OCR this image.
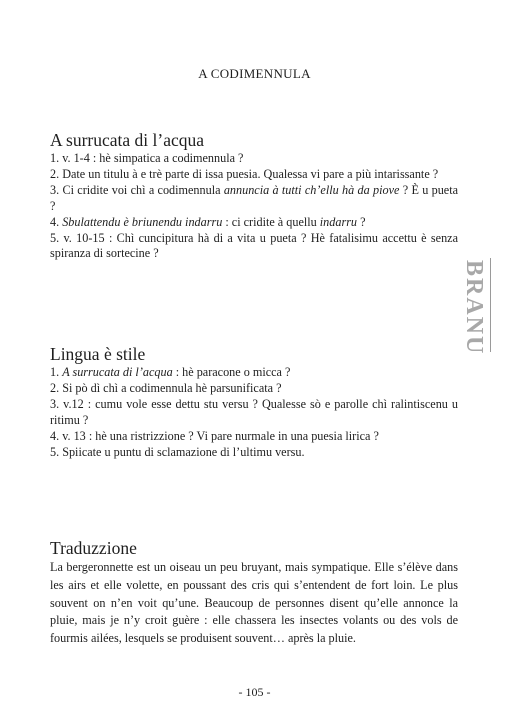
A CODIMENNULA
A surrucata di l’acqua

1. v. 1-4 : hè simpatica a codimennula ?

2. Date un titulu à e trè parte di issa puesia. Qualessa vi pare a più intarissante ?

3. Ci cridite voi chì a codimennula annuncia à tutti ch’ellu hà da piove ? È u pueta ?

4. Sbulattendu è briunendu indarru : ci cridite à quellu indarru ?

5. v. 10-15 : Chì cuncipitura hà di a vita u pueta ? Hè fatalisimu accettu è senza spiranza di sortecine ?

BRANU
Lingua è stile

1. A surrucata di l’acqua : hè paracone o micca ?

2. Si pò dì chì a codimennula hè parsunificata ?

3. v.12 : cumu vole esse dettu stu versu ? Qualesse sò e parolle chì ralintiscenu u ritimu ?

4. v. 13 : hè una ristrizzione ? Vi pare nurmale in una puesia lirica ?

5. Spiicate u puntu di sclamazione di l’ultimu versu.

Traduzzione

La bergeronnette est un oiseau un peu bruyant, mais sympatique. Elle s’élève dans les airs et elle volette, en poussant des cris qui s’entendent de fort loin. Le plus souvent on n’en voit qu’une. Beaucoup de personnes disent qu’elle annonce la pluie, mais je n’y croit guère : elle chassera les insectes volants ou des vols de fourmis ailées, lesquels se produisent souvent… après la pluie.

- 105 -
